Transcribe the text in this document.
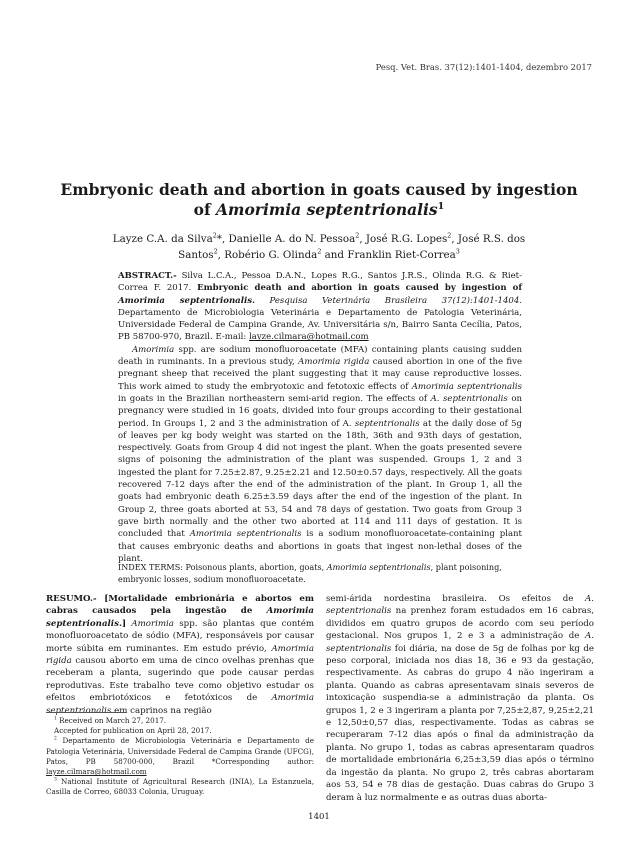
Pesq. Vet. Bras. 37(12):1401-1404, dezembro 2017
Embryonic death and abortion in goats caused by ingestion
of Amorimia septentrionalis$^1$
Layze C.A. da Silva$^2$*, Danielle A. do N. Pessoa$^2$, José R.G. Lopes$^2$, José R.S. dos Santos$^2$, Robério G. Olinda$^2$ and Franklin Riet-Correa$^3$

ABSTRACT.- Silva L.C.A., Pessoa D.A.N., Lopes R.G., Santos J.R.S., Olinda R.G. & Riet-Correa F. 2017. Embryonic death and abortion in goats caused by ingestion of Amorimia septentrionalis. Pesquisa Veterinária Brasileira 37(12):1401-1404. Departamento de Microbiologia Veterinária e Departamento de Patologia Veterinária, Universidade Federal de Campina Grande, Av. Universitária s/n, Bairro Santa Cecília, Patos, PB 58700-970, Brazil. E-mail: layze.cilmara@hotmail.com

Amorimia spp. are sodium monofluoroacetate (MFA) containing plants causing sudden death in ruminants. In a previous study, Amorimia rigida caused abortion in one of the five pregnant sheep that received the plant suggesting that it may cause reproductive losses. This work aimed to study the embryotoxic and fetotoxic effects of Amorimia septentrionalis in goats in the Brazilian northeastern semi-arid region. The effects of A. septentrionalis on pregnancy were studied in 16 goats, divided into four groups according to their gestational period. In Groups 1, 2 and 3 the administration of A. septentrionalis at the daily dose of 5g of leaves per kg body weight was started on the 18th, 36th and 93th days of gestation, respectively. Goats from Group 4 did not ingest the plant. When the goats presented severe signs of poisoning the administration of the plant was suspended. Groups 1, 2 and 3 ingested the plant for 7.25±2.87, 9.25±2.21 and 12.50±0.57 days, respectively. All the goats recovered 7-12 days after the end of the administration of the plant. In Group 1, all the goats had embryonic death 6.25±3.59 days after the end of the ingestion of the plant. In Group 2, three goats aborted at 53, 54 and 78 days of gestation. Two goats from Group 3 gave birth normally and the other two aborted at 114 and 111 days of gestation. It is concluded that Amorimia septentrionalis is a sodium monofluoroacetate-containing plant that causes embryonic deaths and abortions in goats that ingest non-lethal doses of the plant.

INDEX TERMS: Poisonous plants, abortion, goats, Amorimia septentrionalis, plant poisoning, embryonic losses, sodium monofluoroacetate.

RESUMO.- [Mortalidade embrionária e abortos em cabras causados pela ingestão de Amorimia septentrionalis.] Amorimia spp. são plantas que contém monofluoroacetato de sódio (MFA), responsáveis por causar morte súbita em ruminantes. Em estudo prévio, Amorimia rigida causou aborto em uma de cinco ovelhas prenhas que receberam a planta, sugerindo que pode causar perdas reprodutivas. Este trabalho teve como objetivo estudar os efeitos embriotóxicos e fetotóxicos de Amorimia septentrionalis em caprinos na região

$^1$ Received on March 27, 2017.

Accepted for publication on April 28, 2017.

$^2$ Departamento de Microbiologia Veterinária e Departamento de Patologia Veterinária, Universidade Federal de Campina Grande (UFCG), Patos, PB 58700-000, Brazil *Corresponding author: layze.cilmara@hotmail.com

$^3$ National Institute of Agricultural Research (INIA), La Estanzuela, Casilla de Correo, 68033 Colonia, Uruguay.

semi-árida nordestina brasileira. Os efeitos de A. septentrionalis na prenhez foram estudados em 16 cabras, divididos em quatro grupos de acordo com seu período gestacional. Nos grupos 1, 2 e 3 a administração de A. septentrionalis foi diária, na dose de 5g de folhas por kg de peso corporal, iniciada nos dias 18, 36 e 93 da gestação, respectivamente. As cabras do grupo 4 não ingeriram a planta. Quando as cabras apresentavam sinais severos de intoxicação suspendia-se a administração da planta. Os grupos 1, 2 e 3 ingeriram a planta por 7,25±2,87, 9,25±2,21 e 12,50±0,57 dias, respectivamente. Todas as cabras se recuperaram 7-12 dias após o final da administração da planta. No grupo 1, todas as cabras apresentaram quadros de mortalidade embrionária 6,25±3,59 dias após o término da ingestão da planta. No grupo 2, três cabras abortaram aos 53, 54 e 78 dias de gestação. Duas cabras do Grupo 3 deram à luz normalmente e as outras duas aborta-

1401
